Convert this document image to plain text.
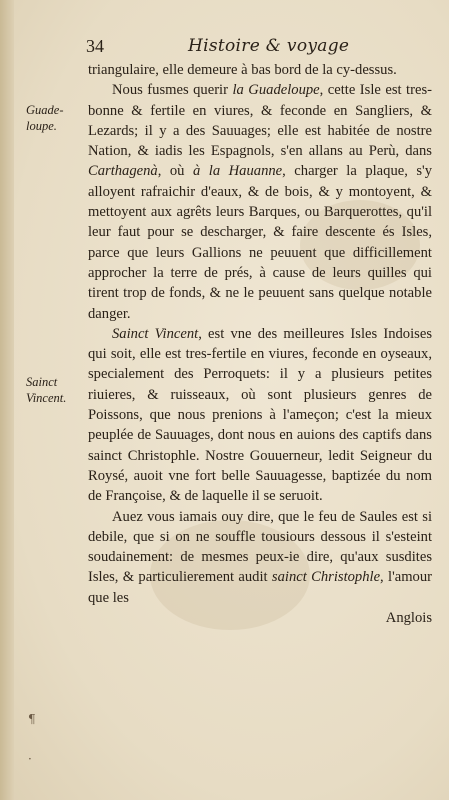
34	Histoire & voyage
Guade-loupe.
Sainct Vincent.
¶
·

triangulaire, elle demeure à bas bord de la cy-dessus.

Nous fusmes querir la Guadeloupe, cette Isle est tres-bonne & fertile en viures, & feconde en Sangliers, & Lezards; il y a des Sauuages; elle est habitée de nostre Nation, & iadis les Espagnols, s'en allans au Perù, dans Carthagenà, où à la Hauanne, charger la plaque, s'y alloyent rafraichir d'eaux, & de bois, & y montoyent, & mettoyent aux agrêts leurs Barques, ou Barquerottes, qu'il leur faut pour se descharger, & faire descente és Isles, parce que leurs Gallions ne peuuent que difficillement approcher la terre de prés, à cause de leurs quilles qui tirent trop de fonds, & ne le peuuent sans quelque notable danger.

Sainct Vincent, est vne des meilleures Isles Indoises qui soit, elle est tres-fertile en viures, feconde en oyseaux, specialement des Perroquets: il y a plusieurs petites riuieres, & ruisseaux, où sont plusieurs genres de Poissons, que nous prenions à l'ameçon; c'est la mieux peuplée de Sauuages, dont nous en auions des captifs dans sainct Christophle. Nostre Gouuerneur, ledit Seigneur du Roysé, auoit vne fort belle Sauuagesse, baptizée du nom de Françoise, & de laquelle il se seruoit.

Auez vous iamais ouy dire, que le feu de Saules est si debile, que si on ne souffle tousiours dessous il s'esteint soudainement: de mesmes peux-ie dire, qu'aux susdites Isles, & particulierement audit sainct Christophle, l'amour que les
Anglois
